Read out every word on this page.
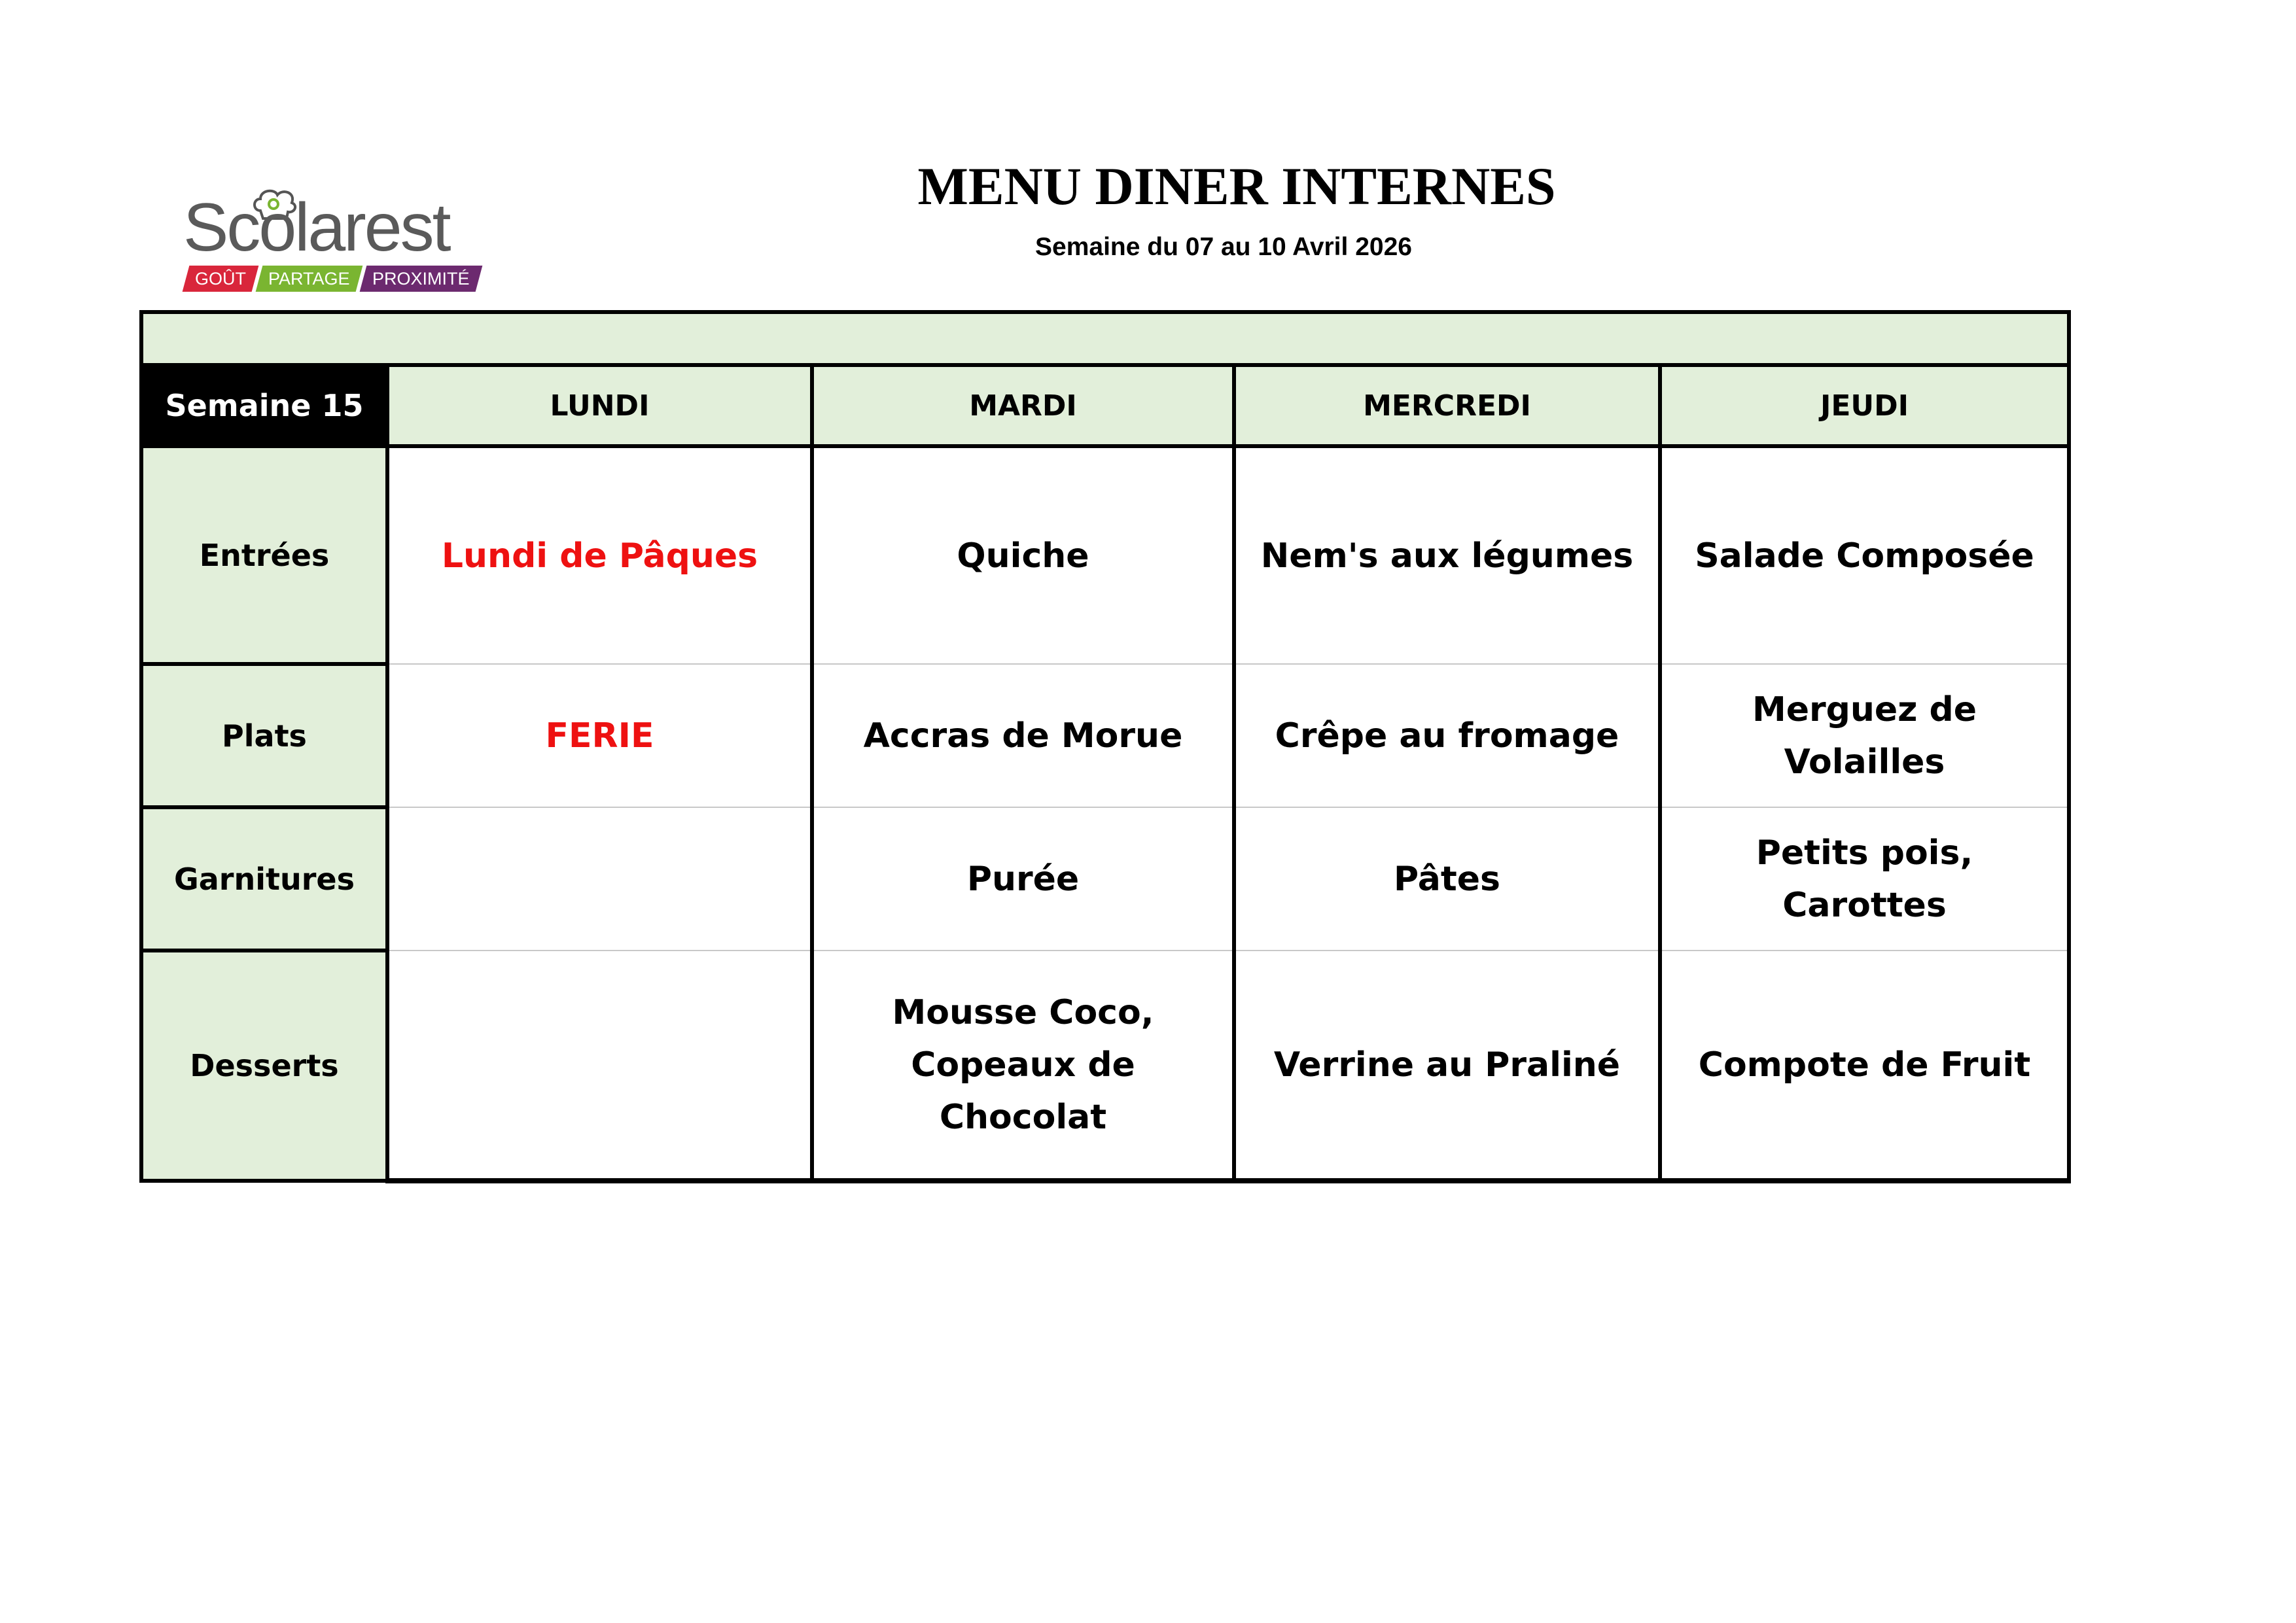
Scolarest
GOÛT	PARTAGE	PROXIMITÉ
MENU DINER INTERNES
Semaine du 07 au 10 Avril 2026
Semaine 15	LUNDI	MARDI	MERCREDI	JEUDI
Entrées	Lundi de Pâques	Quiche	Nem's aux légumes	Salade Composée
Plats	FERIE	Accras de Morue	Crêpe au fromage	Merguez de Volailles
Garnitures		Purée	Pâtes	Petits pois, Carottes
Desserts		Mousse Coco, Copeaux de Chocolat	Verrine au Praliné	Compote de Fruit
